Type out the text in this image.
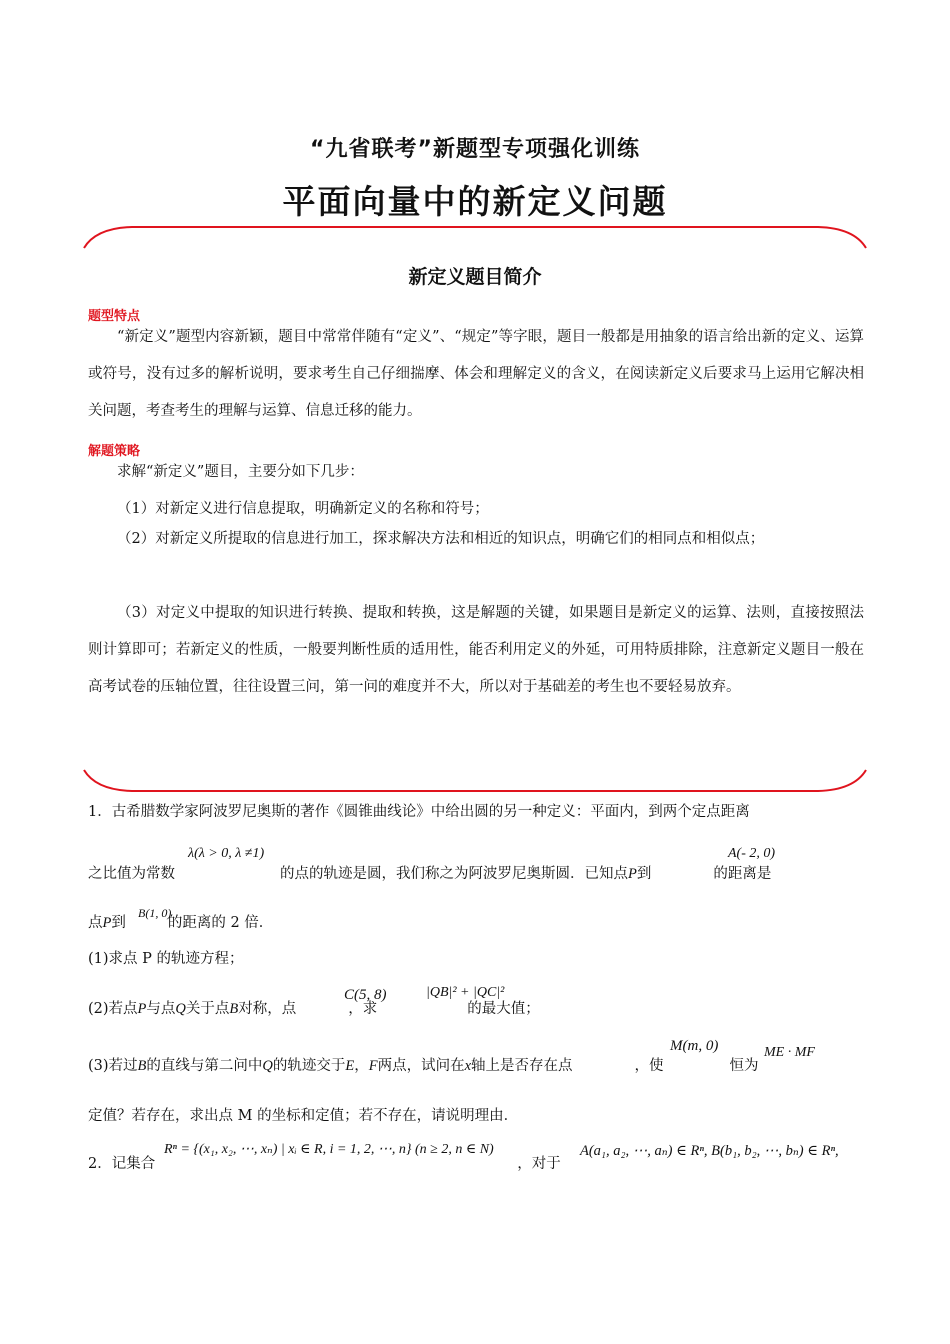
“九省联考”新题型专项强化训练
平面向量中的新定义问题
新定义题目简介
题型特点
“新定义”题型内容新颖，题目中常常伴随有“定义”、“规定”等字眼，题目一般都是用抽象的语言给出新的定义、运算或符号，没有过多的解析说明，要求考生自己仔细揣摩、体会和理解定义的含义，在阅读新定义后要求马上运用它解决相关问题，考查考生的理解与运算、信息迁移的能力。
解题策略
求解“新定义”题目，主要分如下几步：
（1）对新定义进行信息提取，明确新定义的名称和符号；
（2）对新定义所提取的信息进行加工，探求解决方法和相近的知识点，明确它们的相同点和相似点；
（3）对定义中提取的知识进行转换、提取和转换，这是解题的关键，如果题目是新定义的运算、法则，直接按照法则计算即可；若新定义的性质，一般要判断性质的适用性，能否利用定义的外延，可用特质排除，注意新定义题目一般在高考试卷的压轴位置，往往设置三问，第一问的难度并不大，所以对于基础差的考生也不要轻易放弃。
1．古希腊数学家阿波罗尼奥斯的著作《圆锥曲线论》中给出圆的另一种定义：平面内，到两个定点距离
之比值为常数	的点的轨迹是圆，我们称之为阿波罗尼奥斯圆．已知点P到	的距离是
λ(λ > 0, λ ≠1)	A(- 2, 0)
点P到	的距离的 2 倍．
B(1, 0)
(1)求点 P 的轨迹方程；
(2)若点P与点Q关于点B对称，点	，求	的最大值；
C(5, 8)	|QB|² + |QC|²
(3)若过B的直线与第二问中Q的轨迹交于E，F两点，试问在x轴上是否存在点	，使	恒为
M(m, 0)	ME · MF
定值？若存在，求出点 M 的坐标和定值；若不存在，请说明理由．
2．记集合	，对于
Rⁿ = {(x₁, x₂, ⋯, xₙ) | xᵢ ∈ R, i = 1, 2, ⋯, n} (n ≥ 2, n ∈ N)	A(a₁, a₂, ⋯, aₙ) ∈ Rⁿ, B(b₁, b₂, ⋯, bₙ) ∈ Rⁿ,
